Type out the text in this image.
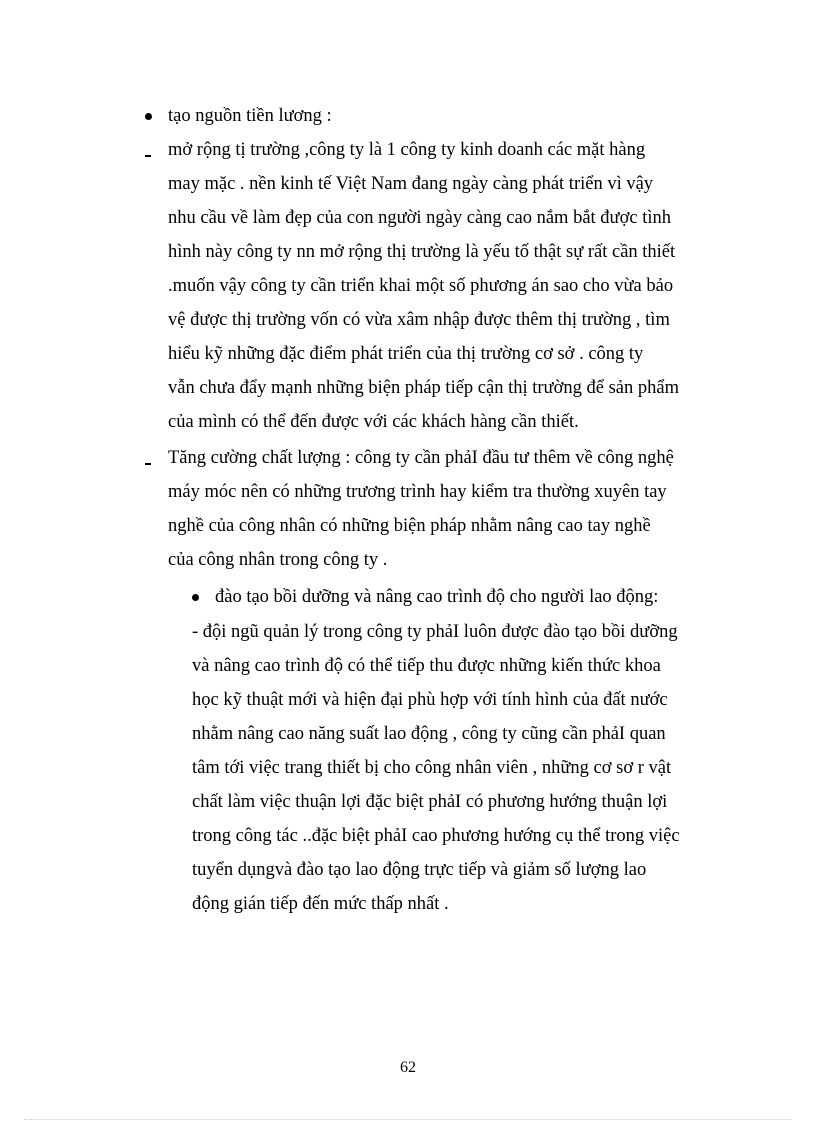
tạo nguồn tiền lương :
mở rộng tị trường ,công ty là 1 công ty kinh doanh các mặt hàng
may mặc . nền kinh tế Việt Nam đang ngày càng phát triển vì vậy
nhu cầu về làm đẹp của con người ngày càng cao nắm bắt được tình
hình này công ty nn mở rộng thị trường là yếu tố thật sự rất cần thiết
.muốn vậy công ty cần triển khai một số phương án sao cho vừa bảo
vệ được thị trường vốn có vừa xâm nhập được thêm thị trường , tìm
hiểu kỹ những đặc điểm phát triển của thị trường cơ sở . công ty
vẫn chưa đẩy mạnh những biện pháp tiếp cận thị trường để sản phẩm
của mình có thể đến được với các khách hàng cần thiết.
Tăng cường chất lượng : công ty cần phảI đầu tư thêm về công nghệ
máy móc nên có những trương trình hay kiểm tra thường xuyên tay
nghề của công nhân có những biện pháp nhằm nâng cao tay nghề
của công nhân trong công ty .
đào tạo bồi dưỡng và nâng cao trình độ cho người lao động:
- đội ngũ quản lý trong công ty phảI luôn được đào tạo bồi dưỡng
và nâng cao trình độ có thể tiếp thu được những kiến thức khoa
học kỹ thuật mới và hiện đại phù hợp với tính hình của đất nước
nhằm nâng cao năng suất lao động , công ty cũng cần phảI quan
tâm tới việc trang thiết bị cho công nhân viên , những cơ sơ r vật
chất làm việc thuận lợi đặc biệt phảI có phương hướng thuận lợi
trong công tác ..đặc biệt phảI cao phương hướng cụ thể trong việc
tuyển dụngvà đào tạo lao động trực tiếp và giảm số lượng lao
động gián tiếp đến mức thấp nhất .
62
